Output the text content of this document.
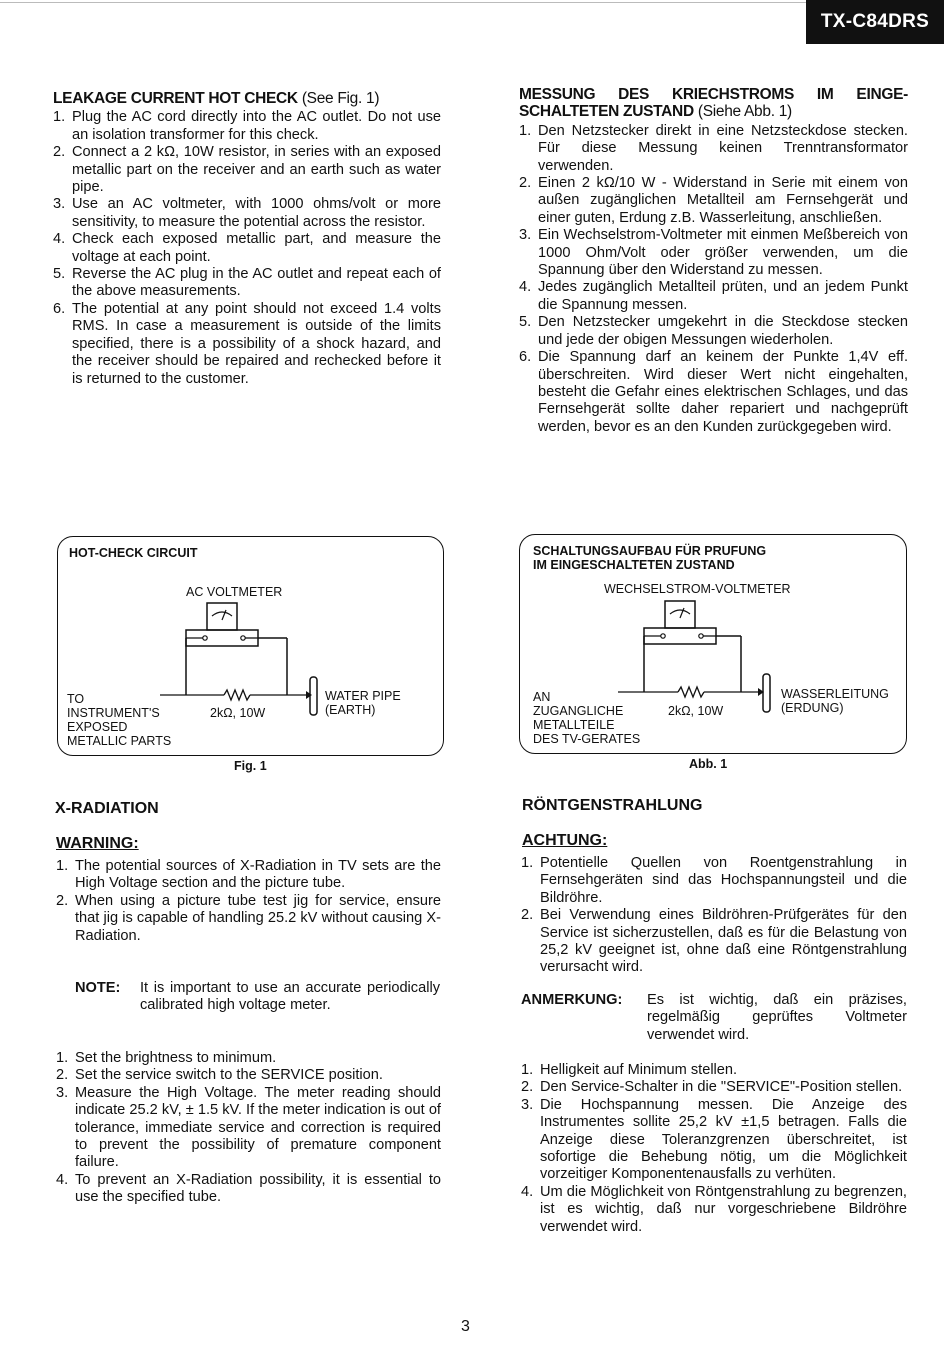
TX-C84DRS

LEAKAGE CURRENT HOT CHECK (See Fig. 1)

1. Plug the AC cord directly into the AC outlet. Do not use an isolation transformer for this check.
2. Connect a 2 kΩ, 10W resistor, in series with an exposed metallic part on the receiver and an earth such as water pipe.
3. Use an AC voltmeter, with 1000 ohms/volt or more sensitivity, to measure the potential across the resistor.
4. Check each exposed metallic part, and measure the voltage at each point.
5. Reverse the AC plug in the AC outlet and repeat each of the above measurements.
6. The potential at any point should not exceed 1.4 volts RMS. In case a measurement is outside of the limits specified, there is a possibility of a shock hazard, and the receiver should be repaired and rechecked before it is returned to the customer.

MESSUNG DES KRIECHSTROMS IM EINGE-SCHALTETEN ZUSTAND (Siehe Abb. 1)

1. Den Netzstecker direkt in eine Netzsteckdose stecken. Für diese Messung keinen Trenntransformator verwenden.
2. Einen 2 kΩ/10 W - Widerstand in Serie mit einem von außen zugänglichen Metallteil am Fernsehgerät und einer guten, Erdung z.B. Wasserleitung, anschließen.
3. Ein Wechselstrom-Voltmeter mit einmen Meßbereich von 1000 Ohm/Volt oder größer verwenden, um die Spannung über den Widerstand zu messen.
4. Jedes zugänglich Metallteil prüten, und an jedem Punkt die Spannung messen.
5. Den Netzstecker umgekehrt in die Steckdose stecken und jede der obigen Messungen wiederholen.
6. Die Spannung darf an keinem der Punkte 1,4V eff. überschreiten. Wird dieser Wert nicht eingehalten, besteht die Gefahr eines elektrischen Schlages, und das Fernsehgerät sollte daher repariert und nachgeprüft werden, bevor es an den Kunden zurückgegeben wird.
HOT-CHECK CIRCUIT
AC VOLTMETER
TO
INSTRUMENT'S
EXPOSED
METALLIC PARTS
2kΩ, 10W
WATER PIPE
(EARTH)
Fig. 1
SCHALTUNGSAUFBAU FÜR PRUFUNG
IM EINGESCHALTETEN ZUSTAND
WECHSELSTROM-VOLTMETER
AN
ZUGANGLICHE
METALLTEILE
DES TV-GERATES
2kΩ, 10W
WASSERLEITUNG
(ERDUNG)
Abb. 1
X-RADIATION
WARNING:
1. The potential sources of X-Radiation in TV sets are the High Voltage section and the picture tube.
2. When using a picture tube test jig for service, ensure that jig is capable of handling 25.2 kV without causing X-Radiation.
NOTE: It is important to use an accurate periodically calibrated high voltage meter.
1. Set the brightness to minimum.
2. Set the service switch to the SERVICE position.
3. Measure the High Voltage. The meter reading should indicate 25.2 kV, ± 1.5 kV. If the meter indication is out of tolerance, immediate service and correction is required to prevent the possibility of premature component failure.
4. To prevent an X-Radiation possibility, it is essential to use the specified tube.
RÖNTGENSTRAHLUNG
ACHTUNG:
1. Potentielle Quellen von Roentgenstrahlung in Fernsehgeräten sind das Hochspannungsteil und die Bildröhre.
2. Bei Verwendung eines Bildröhren-Prüfgerätes für den Service ist sicherzustellen, daß es für die Belastung von 25,2 kV geeignet ist, ohne daß eine Röntgenstrahlung verursacht wird.
ANMERKUNG: Es ist wichtig, daß ein präzises, regelmäßig geprüftes Voltmeter verwendet wird.
1. Helligkeit auf Minimum stellen.
2. Den Service-Schalter in die "SERVICE"-Position stellen.
3. Die Hochspannung messen. Die Anzeige des Instrumentes sollite 25,2 kV ±1,5 betragen. Falls die Anzeige diese Toleranzgrenzen überschreitet, ist sofortige die Behebung nötig, um die Möglichkeit vorzeitiger Komponentenausfalls zu verhüten.
4. Um die Möglichkeit von Röntgenstrahlung zu begrenzen, ist es wichtig, daß nur vorgeschriebene Bildröhre verwendet wird.
3
